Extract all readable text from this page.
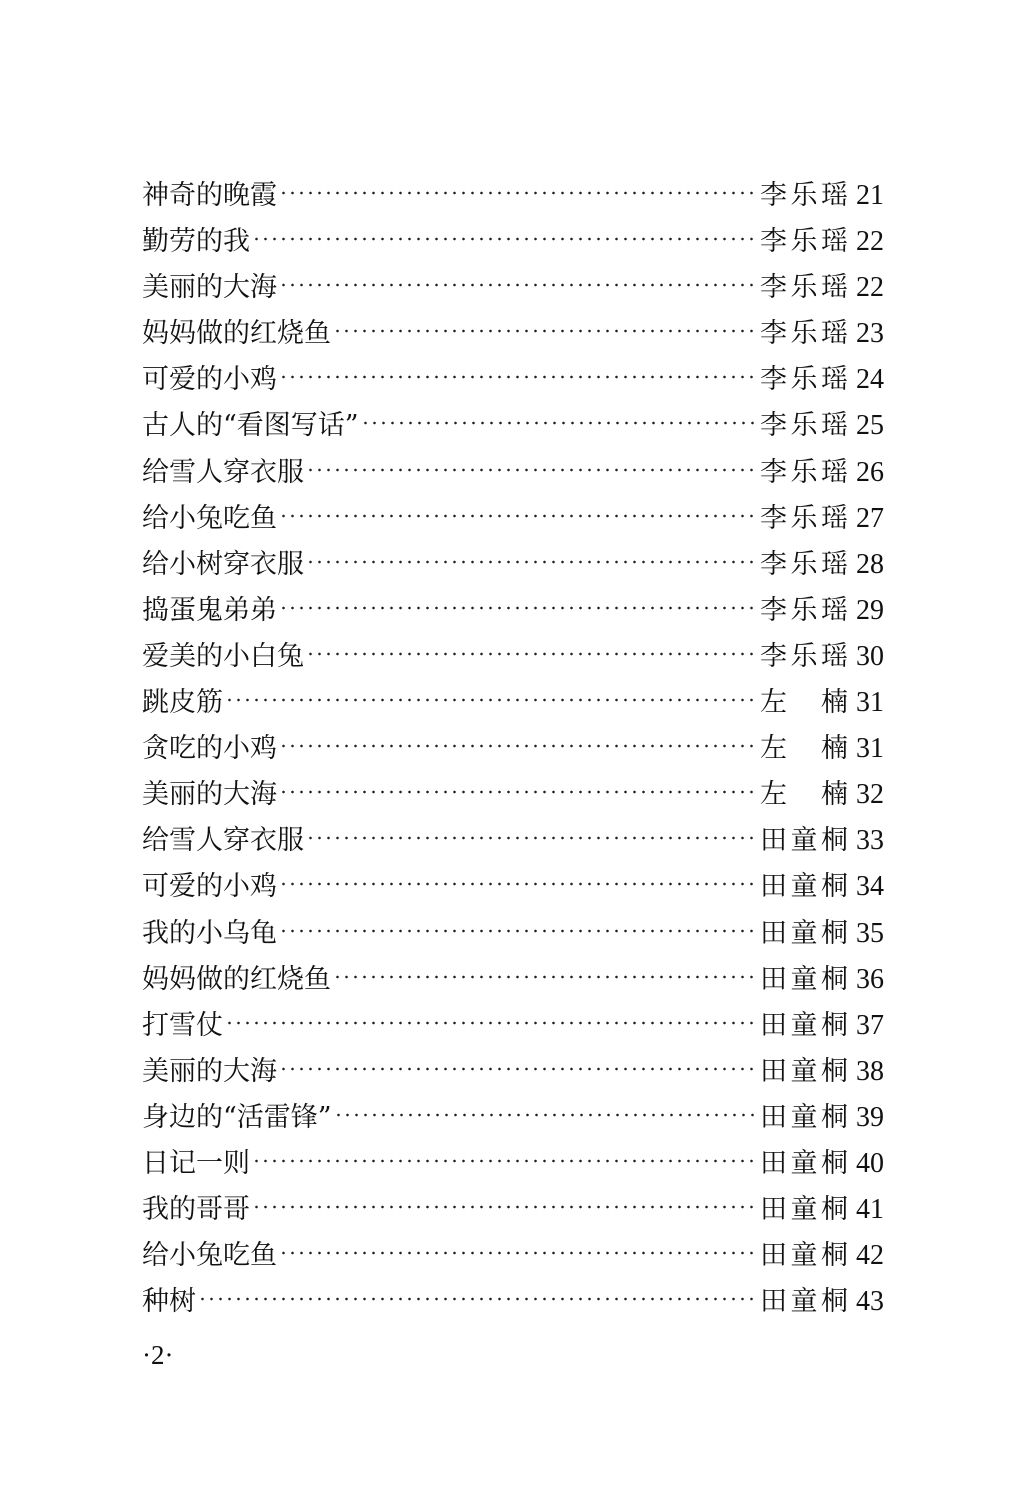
神奇的晚霞	李乐瑶 21
勤劳的我	李乐瑶 22
美丽的大海	李乐瑶 22
妈妈做的红烧鱼	李乐瑶 23
可爱的小鸡	李乐瑶 24
古人的“看图写话”	李乐瑶 25
给雪人穿衣服	李乐瑶 26
给小兔吃鱼	李乐瑶 27
给小树穿衣服	李乐瑶 28
捣蛋鬼弟弟	李乐瑶 29
爱美的小白兔	李乐瑶 30
跳皮筋	左楠 31
贪吃的小鸡	左楠 31
美丽的大海	左楠 32
给雪人穿衣服	田童桐 33
可爱的小鸡	田童桐 34
我的小乌龟	田童桐 35
妈妈做的红烧鱼	田童桐 36
打雪仗	田童桐 37
美丽的大海	田童桐 38
身边的“活雷锋”	田童桐 39
日记一则	田童桐 40
我的哥哥	田童桐 41
给小兔吃鱼	田童桐 42
种树	田童桐 43
·2·
